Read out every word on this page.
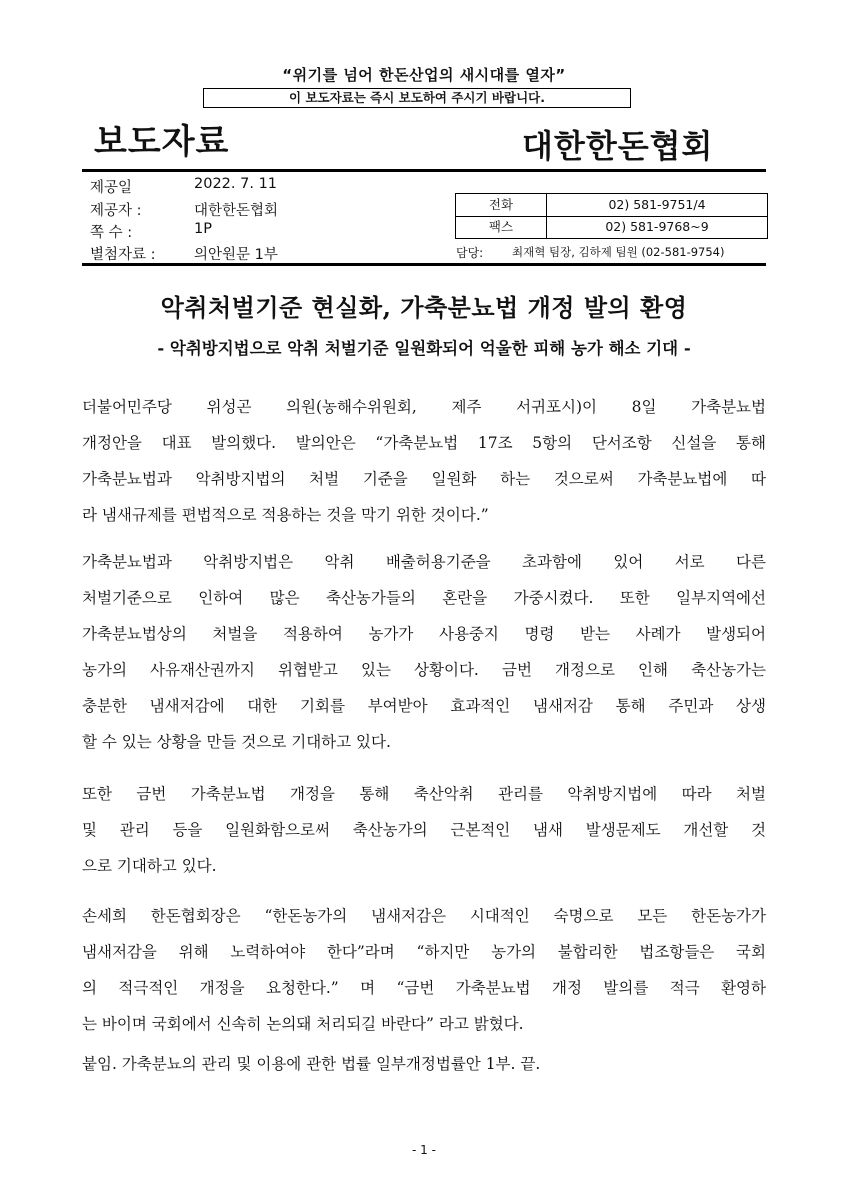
“위기를 넘어 한돈산업의 새시대를 열자”
이 보도자료는 즉시 보도하여 주시기 바랍니다.
보도자료	대한한돈협회
제공일	2022. 7. 11
제공자 :	대한한돈협회
쪽 수 :	1P
별첨자료 :	의안원문 1부
전화	02) 581-9751/4
팩스	02) 581-9768~9
담당:	최재혁 팀장, 김하제 팀원 (02-581-9754)
악취처벌기준 현실화, 가축분뇨법 개정 발의 환영
- 악취방지법으로 악취 처벌기준 일원화되어 억울한 피해 농가 해소 기대 -
더불어민주당 위성곤 의원(농해수위원회, 제주 서귀포시)이 8일 가축분뇨법
개정안을 대표 발의했다. 발의안은 “가축분뇨법 17조 5항의 단서조항 신설을 통해
가축분뇨법과 악취방지법의 처벌 기준을 일원화 하는 것으로써 가축분뇨법에 따
라 냄새규제를 편법적으로 적용하는 것을 막기 위한 것이다.”
가축분뇨법과 악취방지법은 악취 배출허용기준을 초과함에 있어 서로 다른
처벌기준으로 인하여 많은 축산농가들의 혼란을 가중시켰다. 또한 일부지역에선
가축분뇨법상의 처벌을 적용하여 농가가 사용중지 명령 받는 사례가 발생되어
농가의 사유재산권까지 위협받고 있는 상황이다. 금번 개정으로 인해 축산농가는
충분한 냄새저감에 대한 기회를 부여받아 효과적인 냄새저감 통해 주민과 상생
할 수 있는 상황을 만들 것으로 기대하고 있다.
또한 금번 가축분뇨법 개정을 통해 축산악취 관리를 악취방지법에 따라 처벌
및 관리 등을 일원화함으로써 축산농가의 근본적인 냄새 발생문제도 개선할 것
으로 기대하고 있다.
손세희 한돈협회장은 “한돈농가의 냄새저감은 시대적인 숙명으로 모든 한돈농가가
냄새저감을 위해 노력하여야 한다”라며 “하지만 농가의 불합리한 법조항들은 국회
의 적극적인 개정을 요청한다.” 며 “금번 가축분뇨법 개정 발의를 적극 환영하
는 바이며 국회에서 신속히 논의돼 처리되길 바란다” 라고 밝혔다.
붙임. 가축분뇨의 관리 및 이용에 관한 법률 일부개정법률안 1부. 끝.
- 1 -
